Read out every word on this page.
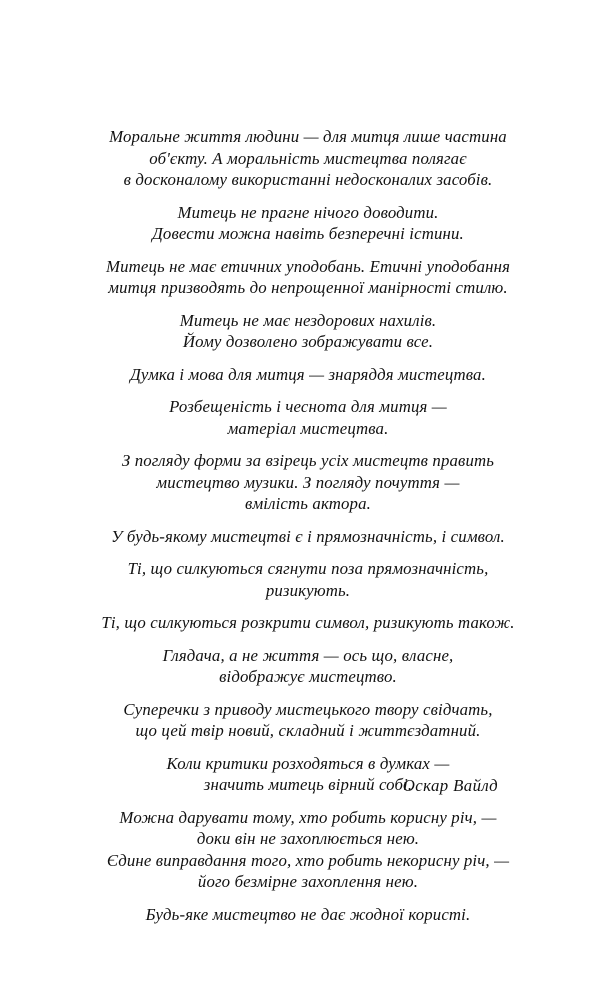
Моральне життя людини — для митця лише частина
об'єкту. А моральність мистецтва полягає
в досконалому використанні недосконалих засобів.

Митець не прагне нічого доводити.
Довести можна навіть безперечні істини.

Митець не має етичних уподобань. Етичні уподобання
митця призводять до непрощенної манірності стилю.

Митець не має нездорових нахилів.
Йому дозволено зображувати все.

Думка і мова для митця — знаряддя мистецтва.

Розбещеність і чеснота для митця —
матеріал мистецтва.

З погляду форми за взірець усіх мистецтв править
мистецтво музики. З погляду почуття —
вмілість актора.

У будь-якому мистецтві є і прямозначність, і символ.

Ті, що силкуються сягнути поза прямозначність,
ризикують.

Ті, що силкуються розкрити символ, ризикують також.

Глядача, а не життя — ось що, власне,
відображує мистецтво.

Суперечки з приводу мистецького твору свідчать,
що цей твір новий, складний і життєздатний.

Коли критики розходяться в думках —
значить митець вірний собі.

Можна дарувати тому, хто робить корисну річ, —
доки він не захоплюється нею.

Єдине виправдання того, хто робить некорисну річ, —
його безмірне захоплення нею.

Будь-яке мистецтво не дає жодної користі.

Оскар Вайлд
